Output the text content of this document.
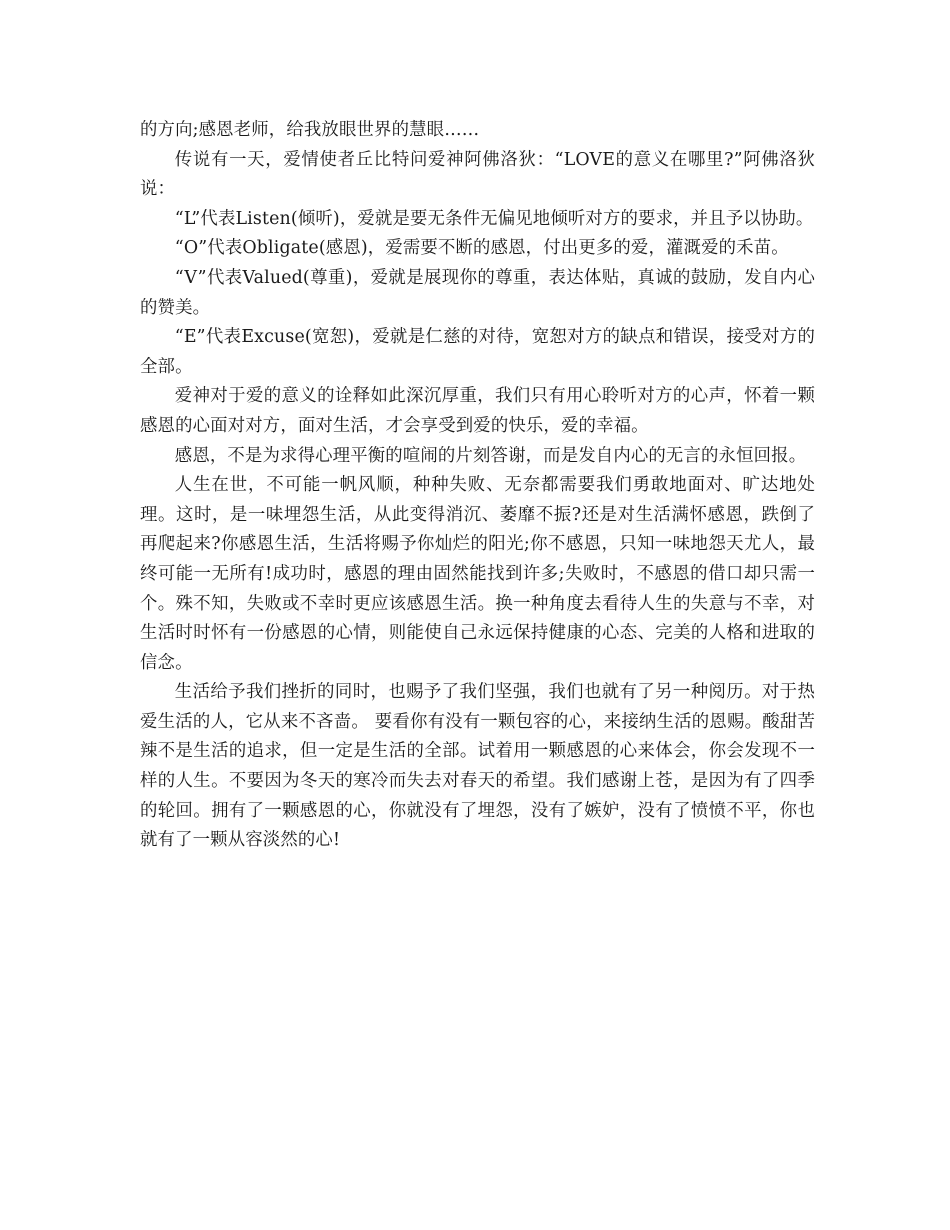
的方向;感恩老师，给我放眼世界的慧眼……

传说有一天，爱情使者丘比特问爱神阿佛洛狄：“LOVE的意义在哪里?”阿佛洛狄说：

“L”代表Listen(倾听)，爱就是要无条件无偏见地倾听对方的要求，并且予以协助。

“O”代表Obligate(感恩)，爱需要不断的感恩，付出更多的爱，灌溉爱的禾苗。

“V”代表Valued(尊重)，爱就是展现你的尊重，表达体贴，真诚的鼓励，发自内心的赞美。

“E”代表Excuse(宽恕)，爱就是仁慈的对待，宽恕对方的缺点和错误，接受对方的全部。

爱神对于爱的意义的诠释如此深沉厚重，我们只有用心聆听对方的心声，怀着一颗感恩的心面对对方，面对生活，才会享受到爱的快乐，爱的幸福。

感恩，不是为求得心理平衡的喧闹的片刻答谢，而是发自内心的无言的永恒回报。

人生在世，不可能一帆风顺，种种失败、无奈都需要我们勇敢地面对、旷达地处理。这时，是一味埋怨生活，从此变得消沉、萎靡不振?还是对生活满怀感恩，跌倒了再爬起来?你感恩生活，生活将赐予你灿烂的阳光;你不感恩，只知一味地怨天尤人，最终可能一无所有!成功时，感恩的理由固然能找到许多;失败时，不感恩的借口却只需一个。殊不知，失败或不幸时更应该感恩生活。换一种角度去看待人生的失意与不幸，对生活时时怀有一份感恩的心情，则能使自己永远保持健康的心态、完美的人格和进取的信念。

生活给予我们挫折的同时，也赐予了我们坚强，我们也就有了另一种阅历。对于热爱生活的人，它从来不吝啬。 要看你有没有一颗包容的心，来接纳生活的恩赐。酸甜苦辣不是生活的追求，但一定是生活的全部。试着用一颗感恩的心来体会，你会发现不一样的人生。不要因为冬天的寒冷而失去对春天的希望。我们感谢上苍，是因为有了四季的轮回。拥有了一颗感恩的心，你就没有了埋怨，没有了嫉妒，没有了愤愤不平，你也就有了一颗从容淡然的心!
